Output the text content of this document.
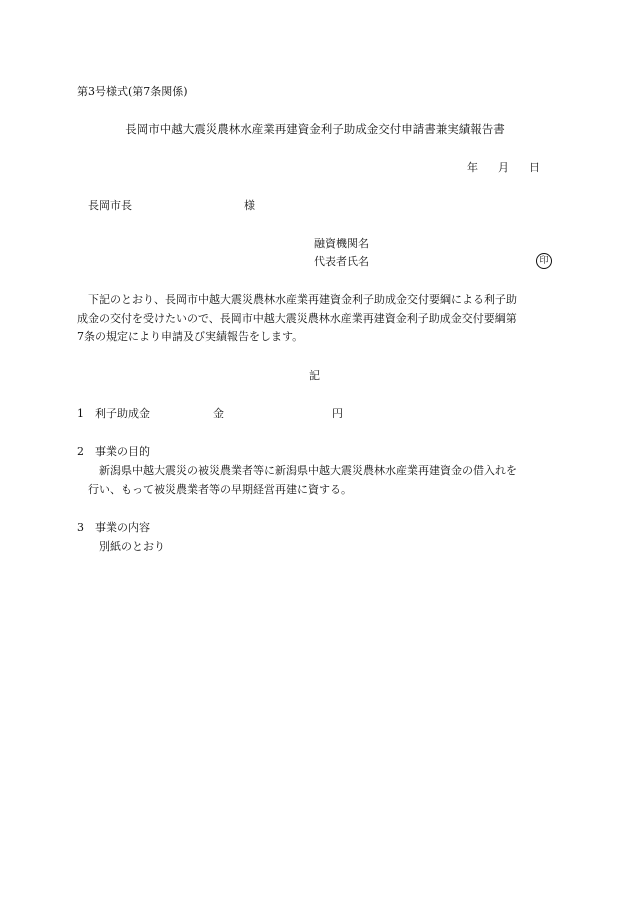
第3号様式(第7条関係)

長岡市中越大震災農林水産業再建資金利子助成金交付申請書兼実績報告書

年 月 日

長岡市長	様

融資機関名

代表者氏名	印

下記のとおり、長岡市中越大震災農林水産業再建資金利子助成金交付要綱による利子助

成金の交付を受けたいので、長岡市中越大震災農林水産業再建資金利子助成金交付要綱第

7条の規定により申請及び実績報告をします。

記

1 利子助成金	金	円

2 事業の目的

新潟県中越大震災の被災農業者等に新潟県中越大震災農林水産業再建資金の借入れを

行い、もって被災農業者等の早期経営再建に資する。

3 事業の内容

別紙のとおり
